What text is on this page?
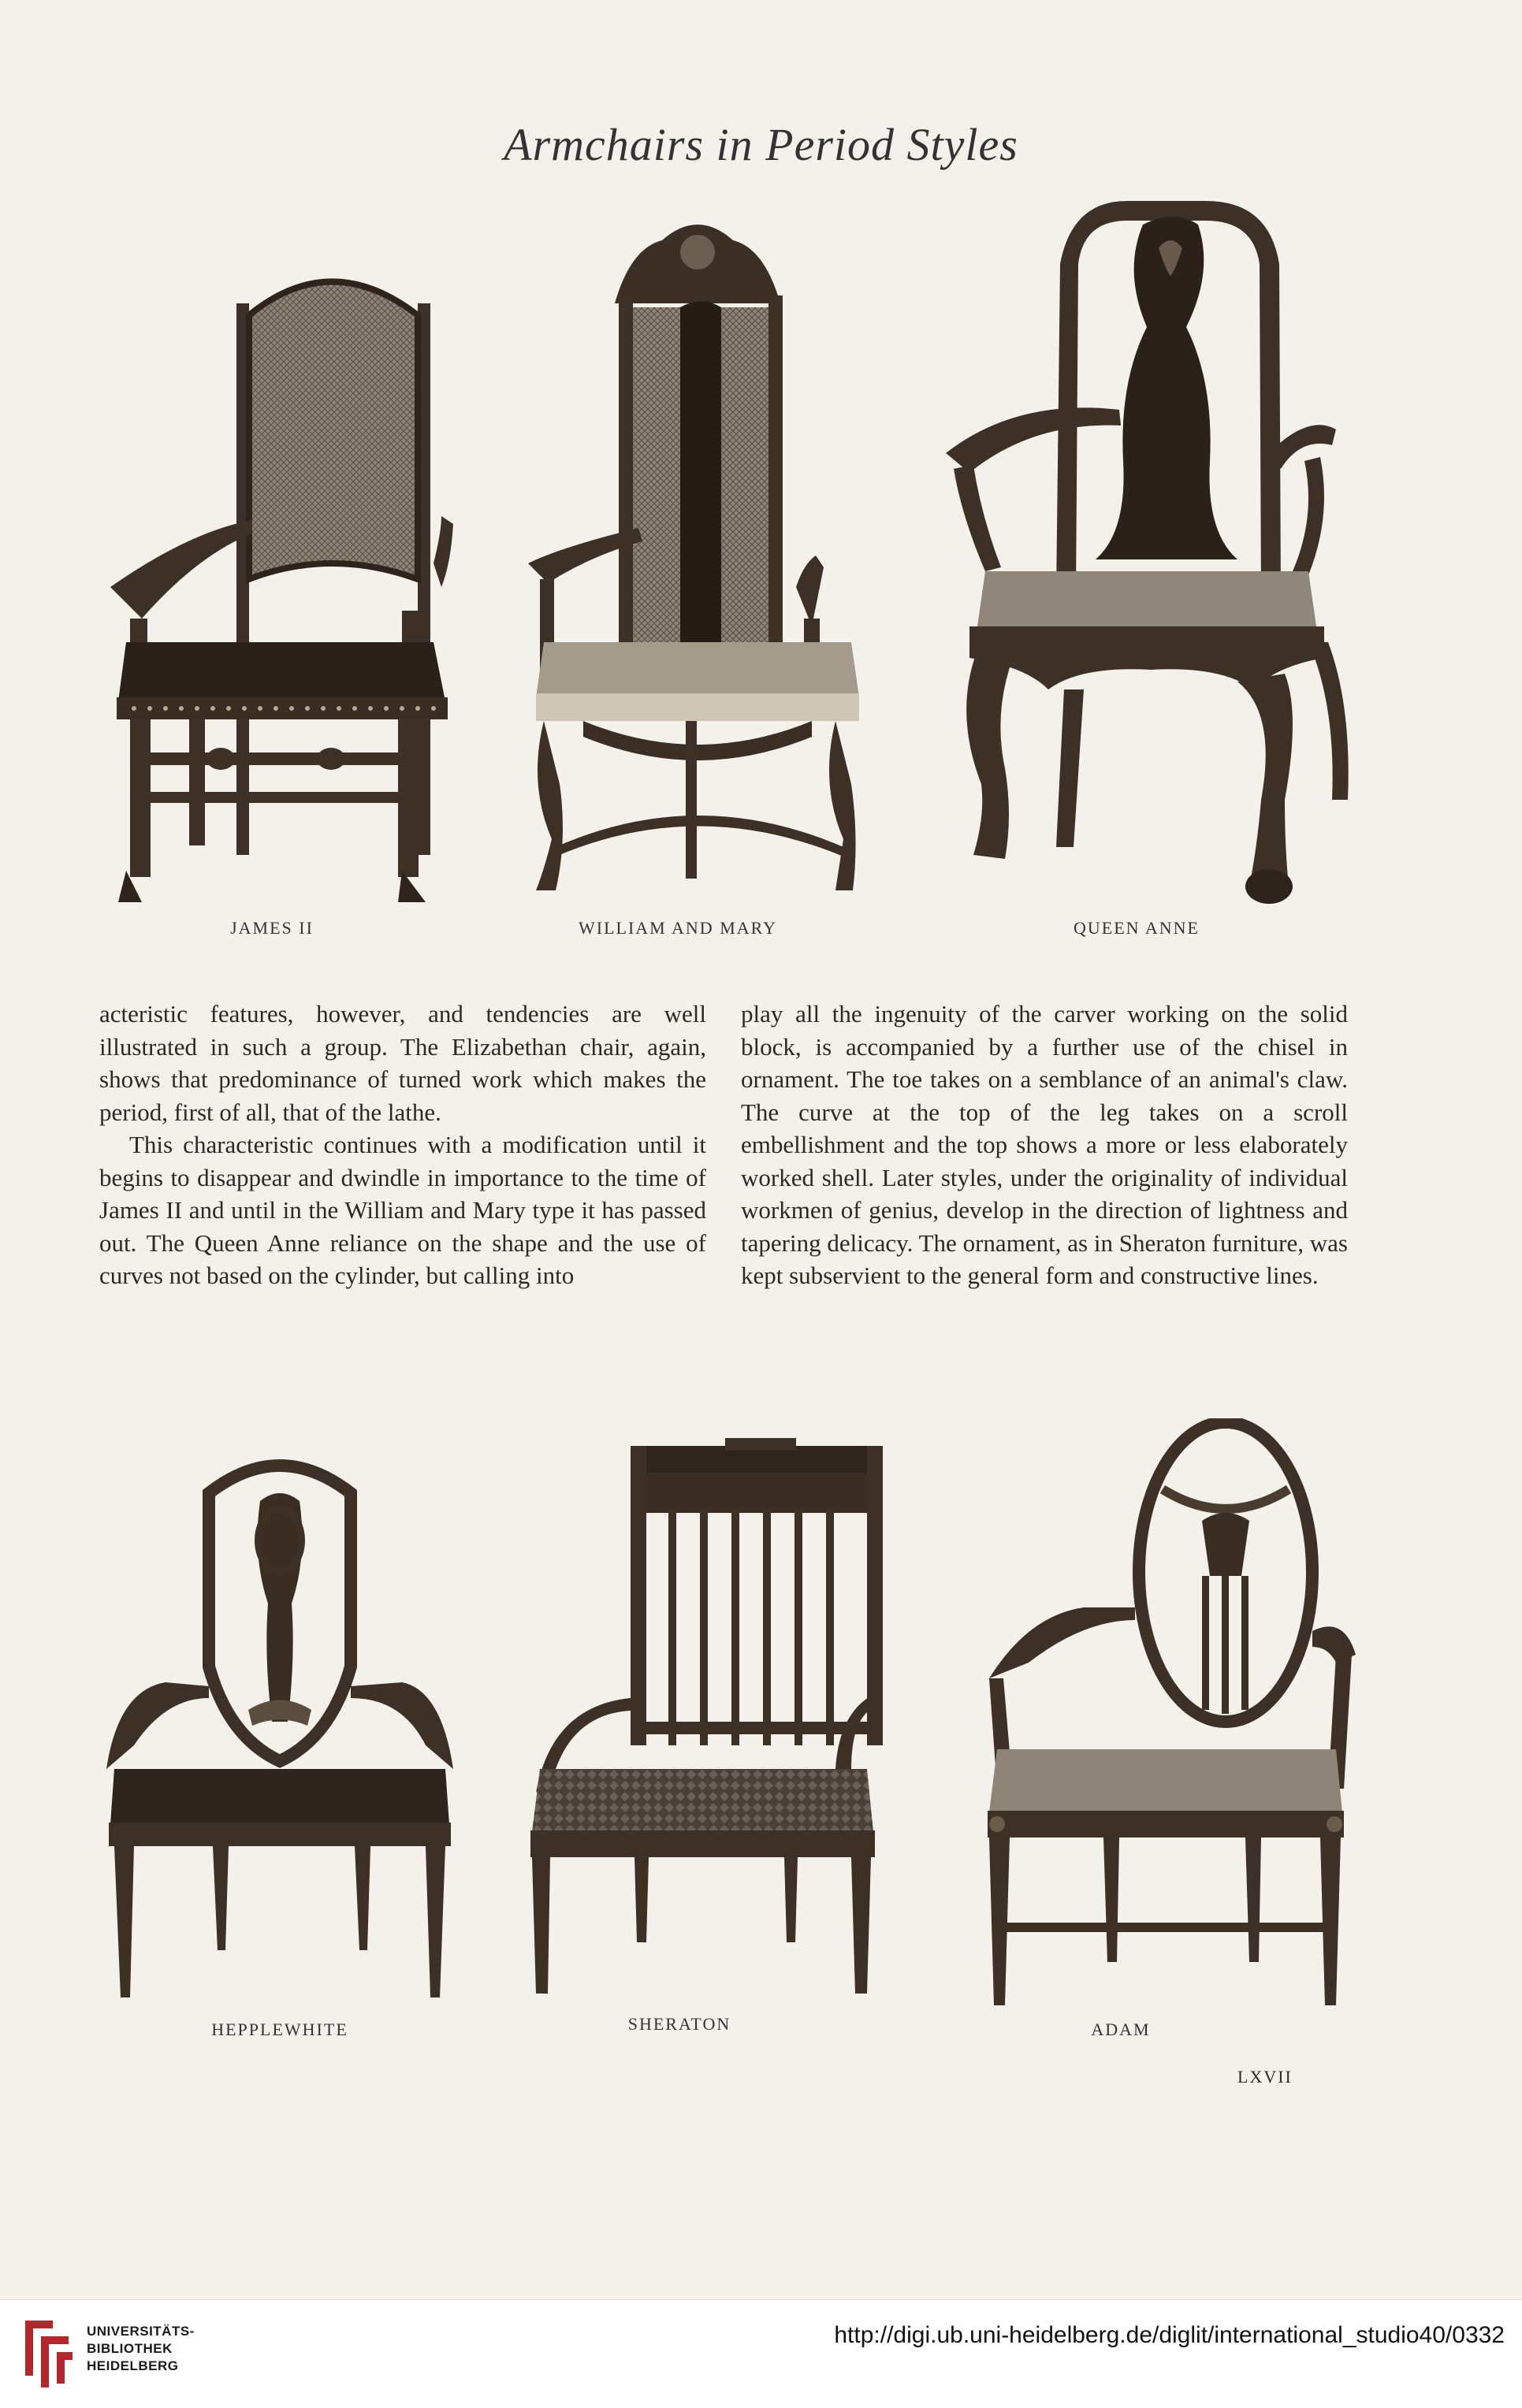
Armchairs in Period Styles
JAMES II	WILLIAM AND MARY	QUEEN ANNE

acteristic features, however, and tendencies are well illustrated in such a group. The Elizabethan chair, again, shows that predominance of turned work which makes the period, first of all, that of the lathe.

This characteristic continues with a modification until it begins to disappear and dwindle in importance to the time of James II and until in the William and Mary type it has passed out. The Queen Anne reliance on the shape and the use of curves not based on the cylinder, but calling into

play all the ingenuity of the carver working on the solid block, is accompanied by a further use of the chisel in ornament. The toe takes on a semblance of an animal's claw. The curve at the top of the leg takes on a scroll embellishment and the top shows a more or less elaborately worked shell. Later styles, under the originality of individual workmen of genius, develop in the direction of lightness and tapering delicacy. The ornament, as in Sheraton furniture, was kept subservient to the general form and constructive lines.

HEPPLEWHITE	SHERATON	ADAM
LXVII
UNIVERSITÄTS-
BIBLIOTHEK
HEIDELBERG
http://digi.ub.uni-heidelberg.de/diglit/international_studio40/0332
